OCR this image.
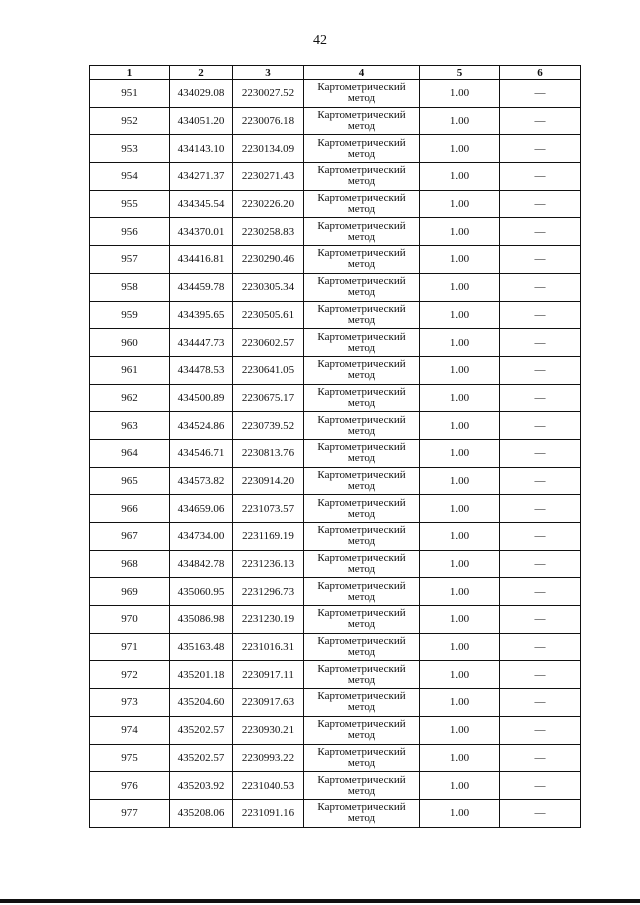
42
1	2	3	4	5	6
951	434029.08	2230027.52	Картометрический метод	1.00	—
952	434051.20	2230076.18	Картометрический метод	1.00	—
953	434143.10	2230134.09	Картометрический метод	1.00	—
954	434271.37	2230271.43	Картометрический метод	1.00	—
955	434345.54	2230226.20	Картометрический метод	1.00	—
956	434370.01	2230258.83	Картометрический метод	1.00	—
957	434416.81	2230290.46	Картометрический метод	1.00	—
958	434459.78	2230305.34	Картометрический метод	1.00	—
959	434395.65	2230505.61	Картометрический метод	1.00	—
960	434447.73	2230602.57	Картометрический метод	1.00	—
961	434478.53	2230641.05	Картометрический метод	1.00	—
962	434500.89	2230675.17	Картометрический метод	1.00	—
963	434524.86	2230739.52	Картометрический метод	1.00	—
964	434546.71	2230813.76	Картометрический метод	1.00	—
965	434573.82	2230914.20	Картометрический метод	1.00	—
966	434659.06	2231073.57	Картометрический метод	1.00	—
967	434734.00	2231169.19	Картометрический метод	1.00	—
968	434842.78	2231236.13	Картометрический метод	1.00	—
969	435060.95	2231296.73	Картометрический метод	1.00	—
970	435086.98	2231230.19	Картометрический метод	1.00	—
971	435163.48	2231016.31	Картометрический метод	1.00	—
972	435201.18	2230917.11	Картометрический метод	1.00	—
973	435204.60	2230917.63	Картометрический метод	1.00	—
974	435202.57	2230930.21	Картометрический метод	1.00	—
975	435202.57	2230993.22	Картометрический метод	1.00	—
976	435203.92	2231040.53	Картометрический метод	1.00	—
977	435208.06	2231091.16	Картометрический метод	1.00	—
